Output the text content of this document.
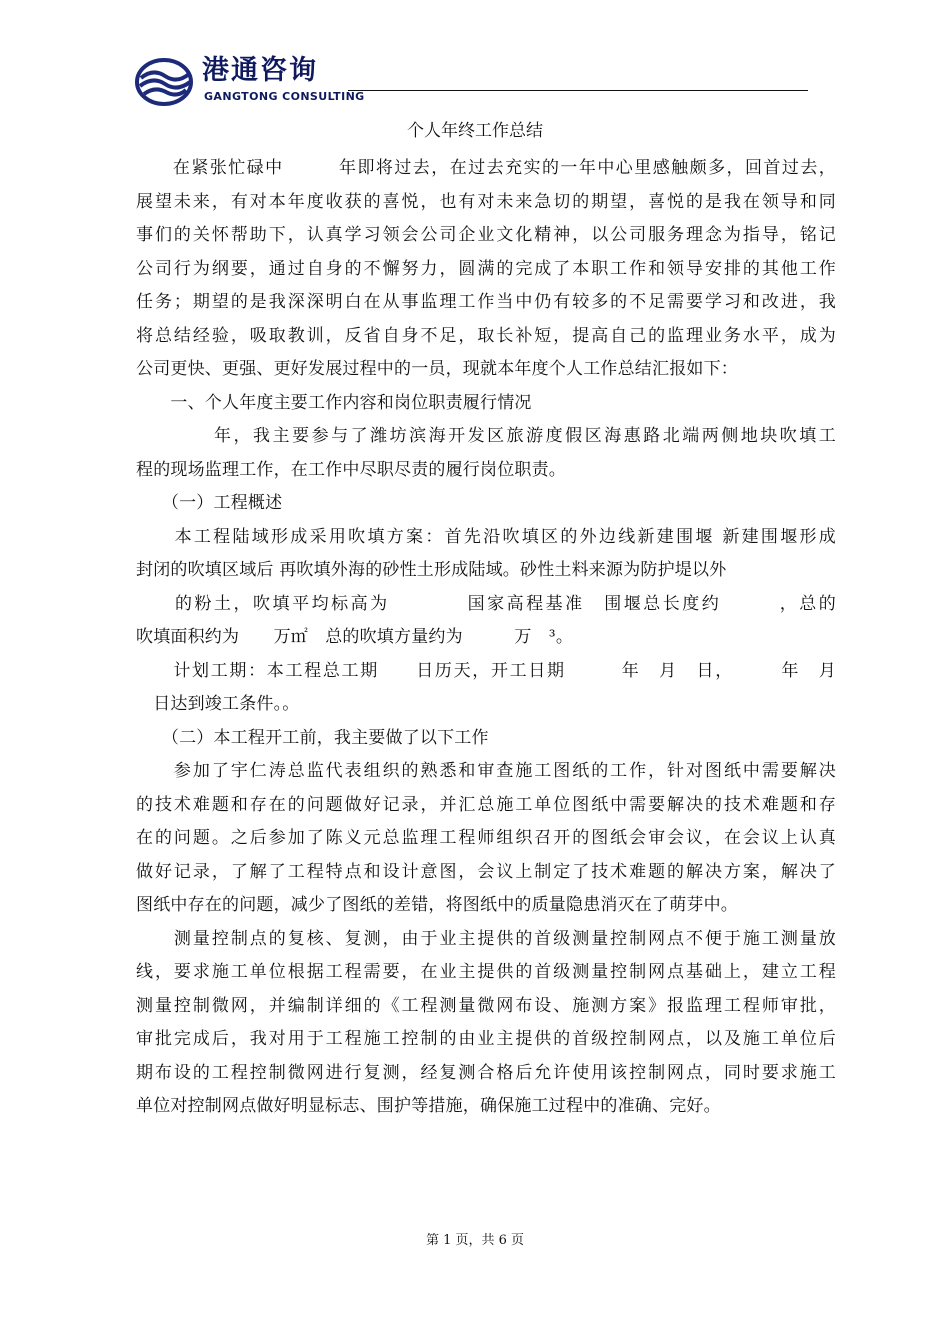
港通咨询
GANGTONG CONSULTING
个人年终工作总结
　　在紧张忙碌中　　　年即将过去，在过去充实的一年中心里感触颇多，回首过去，
展望未来，有对本年度收获的喜悦，也有对未来急切的期望，喜悦的是我在领导和同
事们的关怀帮助下，认真学习领会公司企业文化精神，以公司服务理念为指导，铭记
公司行为纲要，通过自身的不懈努力，圆满的完成了本职工作和领导安排的其他工作
任务；期望的是我深深明白在从事监理工作当中仍有较多的不足需要学习和改进，我
将总结经验，吸取教训，反省自身不足，取长补短，提高自己的监理业务水平，成为
公司更快、更强、更好发展过程中的一员，现就本年度个人工作总结汇报如下：
　　一、个人年度主要工作内容和岗位职责履行情况
　　　　年，我主要参与了潍坊滨海开发区旅游度假区海惠路北端两侧地块吹填工
程的现场监理工作，在工作中尽职尽责的履行岗位职责。
　　（一）工程概述
　　本工程陆域形成采用吹填方案：首先沿吹填区的外边线新建围堰 新建围堰形成
封闭的吹填区域后 再吹填外海的砂性土形成陆域。砂性土料来源为防护堤以外
　　的粉土，吹填平均标高为　　　　国家高程基准　围堰总长度约　　　，总的
吹填面积约为　　万㎡　总的吹填方量约为　　　万　³。
　　计划工期：本工程总工期　　日历天，开工日期　　　年　月　日，　　　年　月
　日达到竣工条件。。
　　（二）本工程开工前，我主要做了以下工作
　　参加了宇仁涛总监代表组织的熟悉和审查施工图纸的工作，针对图纸中需要解决
的技术难题和存在的问题做好记录，并汇总施工单位图纸中需要解决的技术难题和存
在的问题。之后参加了陈义元总监理工程师组织召开的图纸会审会议，在会议上认真
做好记录，了解了工程特点和设计意图，会议上制定了技术难题的解决方案，解决了
图纸中存在的问题，减少了图纸的差错，将图纸中的质量隐患消灭在了萌芽中。
　　测量控制点的复核、复测，由于业主提供的首级测量控制网点不便于施工测量放
线，要求施工单位根据工程需要，在业主提供的首级测量控制网点基础上，建立工程
测量控制微网，并编制详细的《工程测量微网布设、施测方案》报监理工程师审批，
审批完成后，我对用于工程施工控制的由业主提供的首级控制网点，以及施工单位后
期布设的工程控制微网进行复测，经复测合格后允许使用该控制网点，同时要求施工
单位对控制网点做好明显标志、围护等措施，确保施工过程中的准确、完好。
第 1 页，共 6 页
